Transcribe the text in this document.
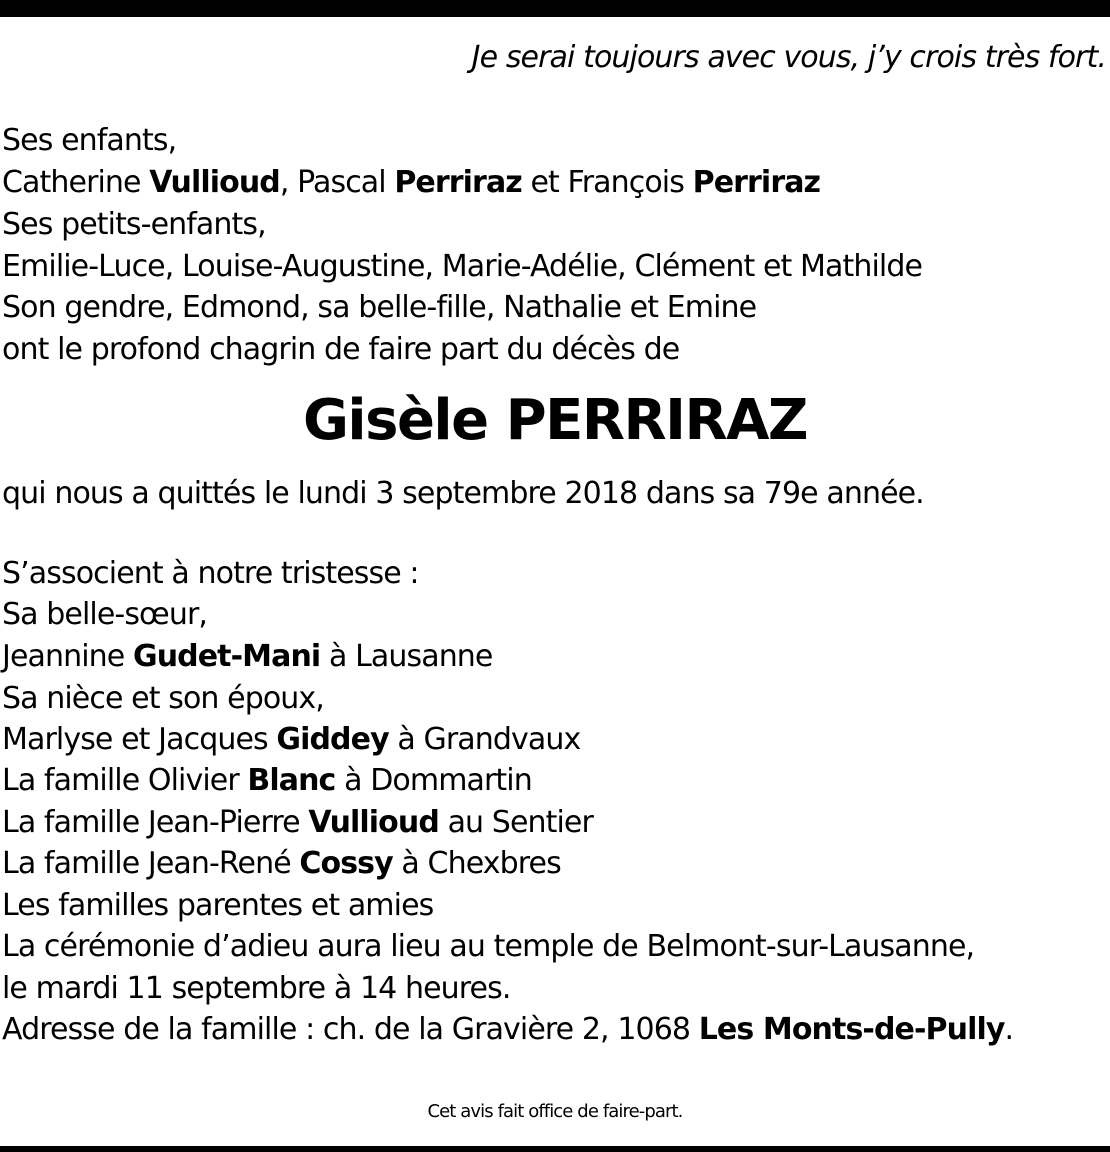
Je serai toujours avec vous, j’y crois très fort.

Ses enfants,

Catherine Vullioud, Pascal Perriraz et François Perriraz

Ses petits-enfants,

Emilie-Luce, Louise-Augustine, Marie-Adélie, Clément et Mathilde

Son gendre, Edmond, sa belle-fille, Nathalie et Emine

ont le profond chagrin de faire part du décès de

Gisèle PERRIRAZ

qui nous a quittés le lundi 3 septembre 2018 dans sa 79e année.

S’associent à notre tristesse :

Sa belle-sœur,

Jeannine Gudet-Mani à Lausanne

Sa nièce et son époux,

Marlyse et Jacques Giddey à Grandvaux

La famille Olivier Blanc à Dommartin

La famille Jean-Pierre Vullioud au Sentier

La famille Jean-René Cossy à Chexbres

Les familles parentes et amies

La cérémonie d’adieu aura lieu au temple de Belmont-sur-Lausanne,

le mardi 11 septembre à 14 heures.

Adresse de la famille : ch. de la Gravière 2, 1068 Les Monts-de-Pully.

Cet avis fait office de faire-part.
